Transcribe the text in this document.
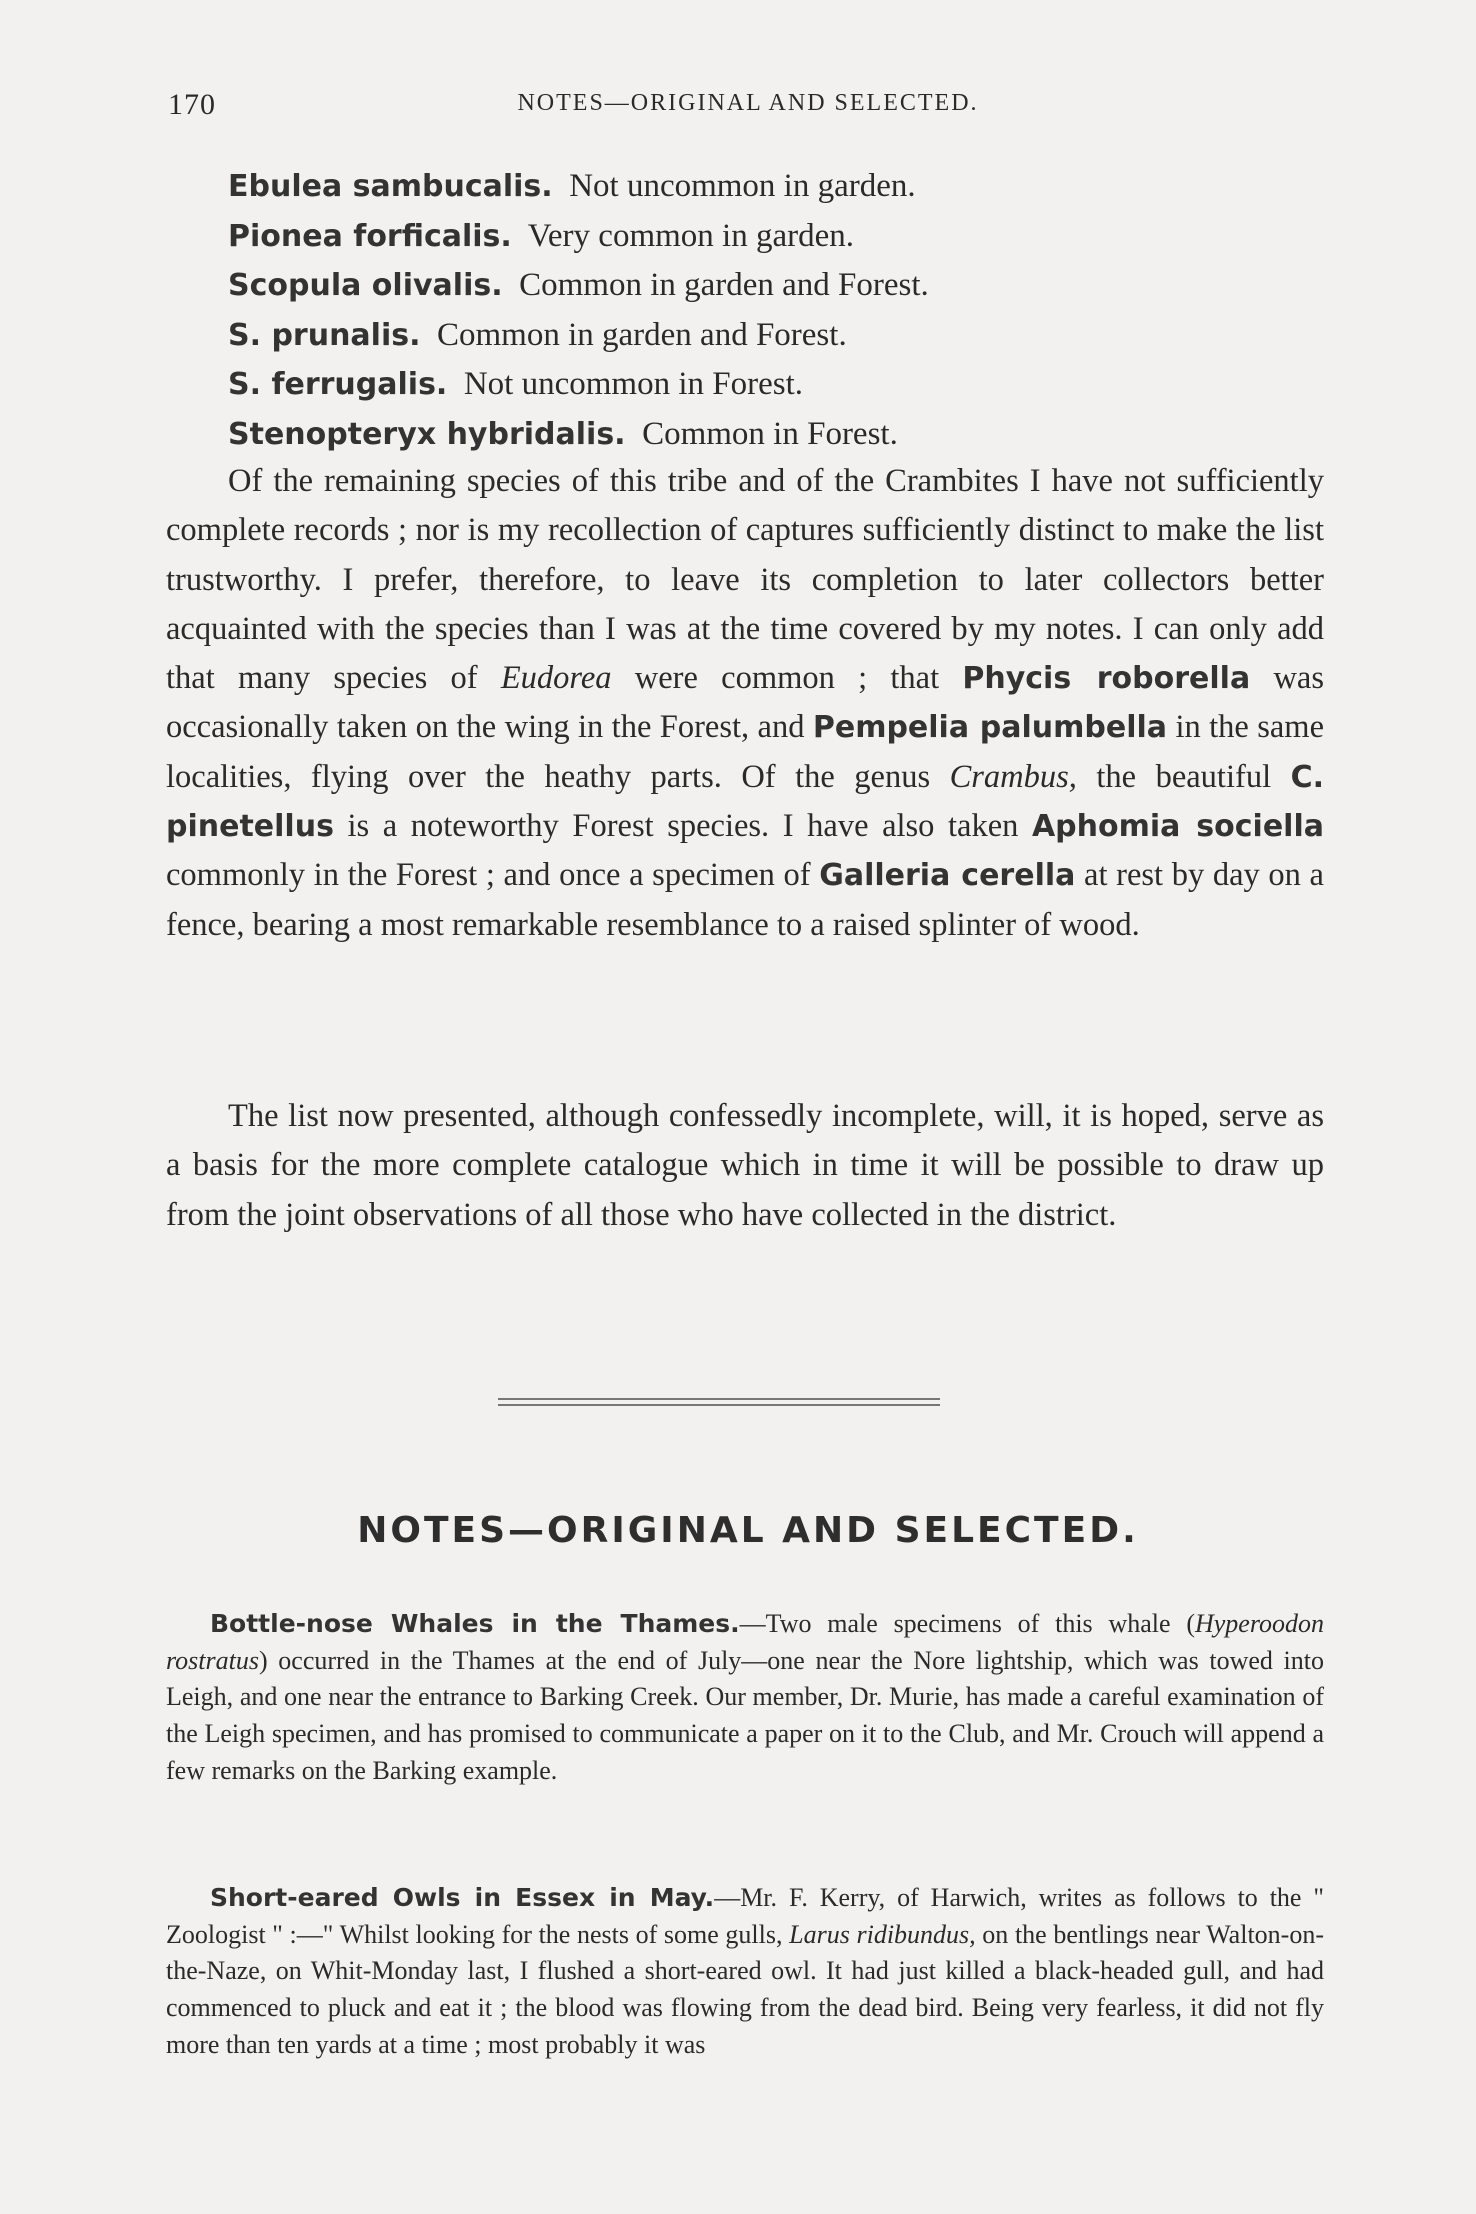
170	NOTES—ORIGINAL AND SELECTED.
Ebulea sambucalis. Not uncommon in garden.
Pionea forficalis. Very common in garden.
Scopula olivalis. Common in garden and Forest.
S. prunalis. Common in garden and Forest.
S. ferrugalis. Not uncommon in Forest.
Stenopteryx hybridalis. Common in Forest.

Of the remaining species of this tribe and of the Crambites I have not sufficiently complete records ; nor is my recollection of captures sufficiently distinct to make the list trustworthy. I prefer, therefore, to leave its completion to later collectors better acquainted with the species than I was at the time covered by my notes. I can only add that many species of Eudorea were common ; that Phycis roborella was occasionally taken on the wing in the Forest, and Pempelia palumbella in the same localities, flying over the heathy parts. Of the genus Crambus, the beautiful C. pinetellus is a noteworthy Forest species. I have also taken Aphomia sociella commonly in the Forest ; and once a specimen of Galleria cerella at rest by day on a fence, bearing a most remarkable resemblance to a raised splinter of wood.

The list now presented, although confessedly incomplete, will, it is hoped, serve as a basis for the more complete catalogue which in time it will be possible to draw up from the joint observations of all those who have collected in the district.

NOTES—ORIGINAL AND SELECTED.

Bottle-nose Whales in the Thames.—Two male specimens of this whale (Hyperoodon rostratus) occurred in the Thames at the end of July—one near the Nore lightship, which was towed into Leigh, and one near the entrance to Barking Creek. Our member, Dr. Murie, has made a careful examination of the Leigh specimen, and has promised to communicate a paper on it to the Club, and Mr. Crouch will append a few remarks on the Barking example.

Short-eared Owls in Essex in May.—Mr. F. Kerry, of Harwich, writes as follows to the " Zoologist " :—" Whilst looking for the nests of some gulls, Larus ridibundus, on the bentlings near Walton-on-the-Naze, on Whit-Monday last, I flushed a short-eared owl. It had just killed a black-headed gull, and had commenced to pluck and eat it ; the blood was flowing from the dead bird. Being very fearless, it did not fly more than ten yards at a time ; most probably it was
